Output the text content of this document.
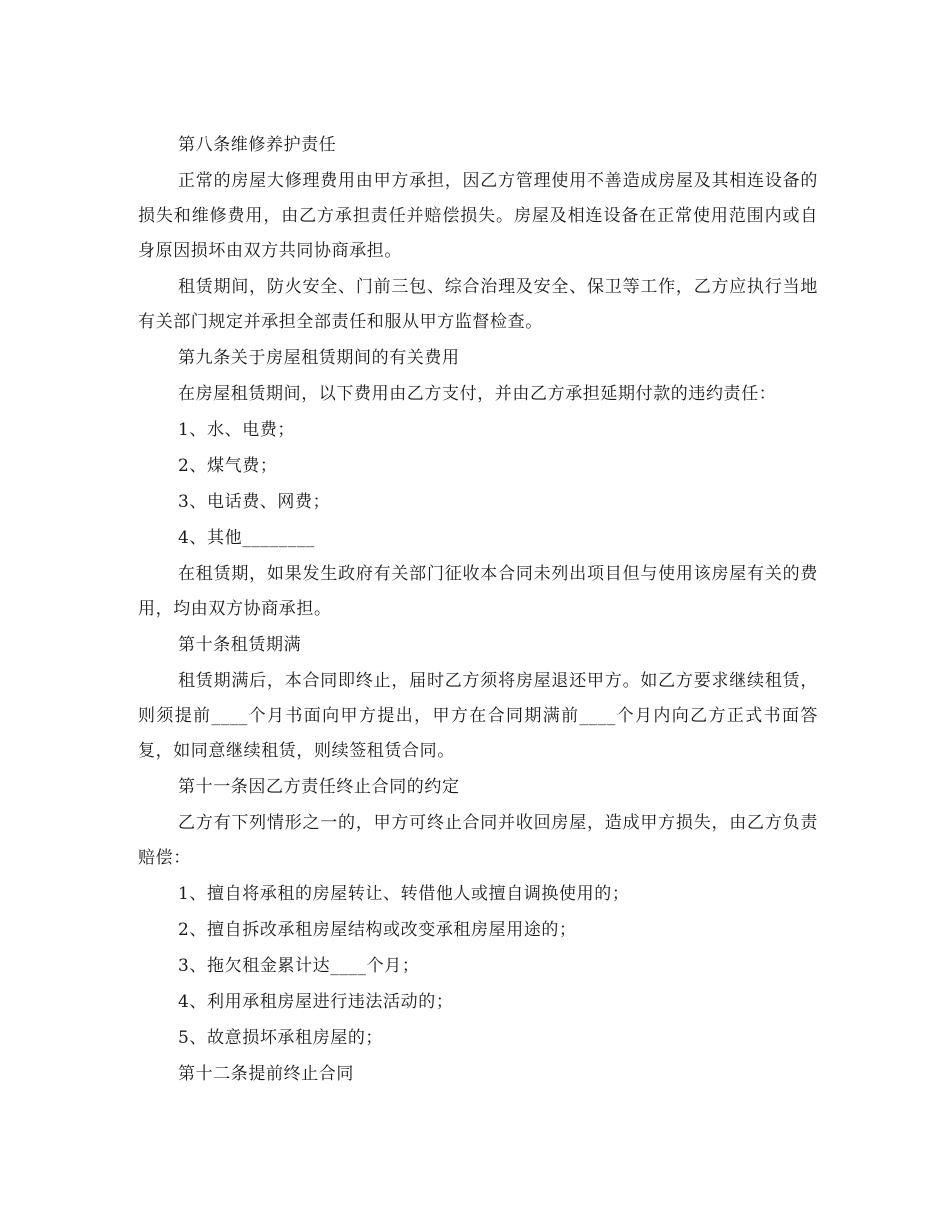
第八条维修养护责任

正常的房屋大修理费用由甲方承担，因乙方管理使用不善造成房屋及其相连设备的损失和维修费用，由乙方承担责任并赔偿损失。房屋及相连设备在正常使用范围内或自身原因损坏由双方共同协商承担。

租赁期间，防火安全、门前三包、综合治理及安全、保卫等工作，乙方应执行当地有关部门规定并承担全部责任和服从甲方监督检查。

第九条关于房屋租赁期间的有关费用

在房屋租赁期间，以下费用由乙方支付，并由乙方承担延期付款的违约责任：

1、水、电费；

2、煤气费；

3、电话费、网费；

4、其他________

在租赁期，如果发生政府有关部门征收本合同未列出项目但与使用该房屋有关的费用，均由双方协商承担。

第十条租赁期满

租赁期满后，本合同即终止，届时乙方须将房屋退还甲方。如乙方要求继续租赁，则须提前____个月书面向甲方提出，甲方在合同期满前____个月内向乙方正式书面答复，如同意继续租赁，则续签租赁合同。

第十一条因乙方责任终止合同的约定

乙方有下列情形之一的，甲方可终止合同并收回房屋，造成甲方损失，由乙方负责赔偿：

1、擅自将承租的房屋转让、转借他人或擅自调换使用的；

2、擅自拆改承租房屋结构或改变承租房屋用途的；

3、拖欠租金累计达____个月；

4、利用承租房屋进行违法活动的；

5、故意损坏承租房屋的；

第十二条提前终止合同
